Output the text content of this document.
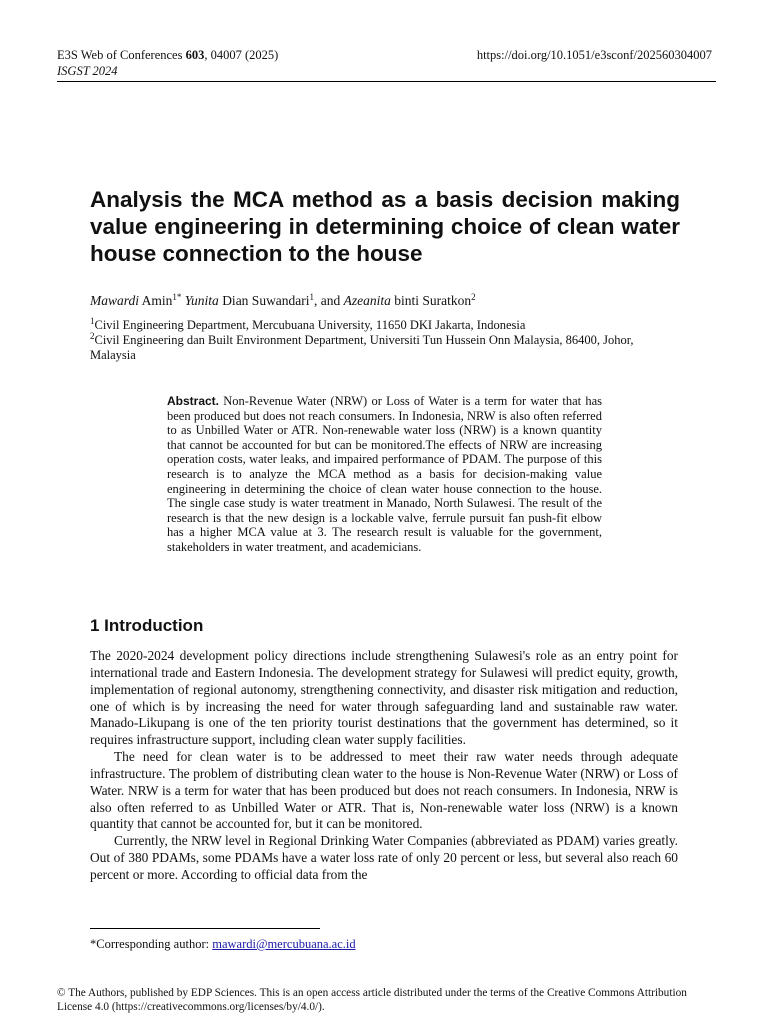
E3S Web of Conferences 603, 04007 (2025)	https://doi.org/10.1051/e3sconf/202560304007
ISGST 2024
Analysis the MCA method as a basis decision making value engineering in determining choice of clean water house connection to the house
Mawardi Amin$^{1*}$ Yunita Dian Suwandari$^1$, and Azeanita binti Suratkon$^2$
$^1$Civil Engineering Department, Mercubuana University, 11650 DKI Jakarta, Indonesia
$^2$Civil Engineering dan Built Environment Department, Universiti Tun Hussein Onn Malaysia, 86400, Johor, Malaysia
Abstract. Non-Revenue Water (NRW) or Loss of Water is a term for water that has been produced but does not reach consumers. In Indonesia, NRW is also often referred to as Unbilled Water or ATR. Non-renewable water loss (NRW) is a known quantity that cannot be accounted for but can be monitored.The effects of NRW are increasing operation costs, water leaks, and impaired performance of PDAM. The purpose of this research is to analyze the MCA method as a basis for decision-making value engineering in determining the choice of clean water house connection to the house. The single case study is water treatment in Manado, North Sulawesi. The result of the research is that the new design is a lockable valve, ferrule pursuit fan push-fit elbow has a higher MCA value at 3. The research result is valuable for the government, stakeholders in water treatment, and academicians.
1 Introduction

The 2020-2024 development policy directions include strengthening Sulawesi's role as an entry point for international trade and Eastern Indonesia. The development strategy for Sulawesi will predict equity, growth, implementation of regional autonomy, strengthening connectivity, and disaster risk mitigation and reduction, one of which is by increasing the need for water through safeguarding land and sustainable raw water. Manado-Likupang is one of the ten priority tourist destinations that the government has determined, so it requires infrastructure support, including clean water supply facilities.

The need for clean water is to be addressed to meet their raw water needs through adequate infrastructure. The problem of distributing clean water to the house is Non-Revenue Water (NRW) or Loss of Water. NRW is a term for water that has been produced but does not reach consumers. In Indonesia, NRW is also often referred to as Unbilled Water or ATR. That is, Non-renewable water loss (NRW) is a known quantity that cannot be accounted for, but it can be monitored.

Currently, the NRW level in Regional Drinking Water Companies (abbreviated as PDAM) varies greatly. Out of 380 PDAMs, some PDAMs have a water loss rate of only 20 percent or less, but several also reach 60 percent or more. According to official data from the

*Corresponding author: mawardi@mercubuana.ac.id
© The Authors, published by EDP Sciences. This is an open access article distributed under the terms of the Creative Commons Attribution License 4.0 (https://creativecommons.org/licenses/by/4.0/).
